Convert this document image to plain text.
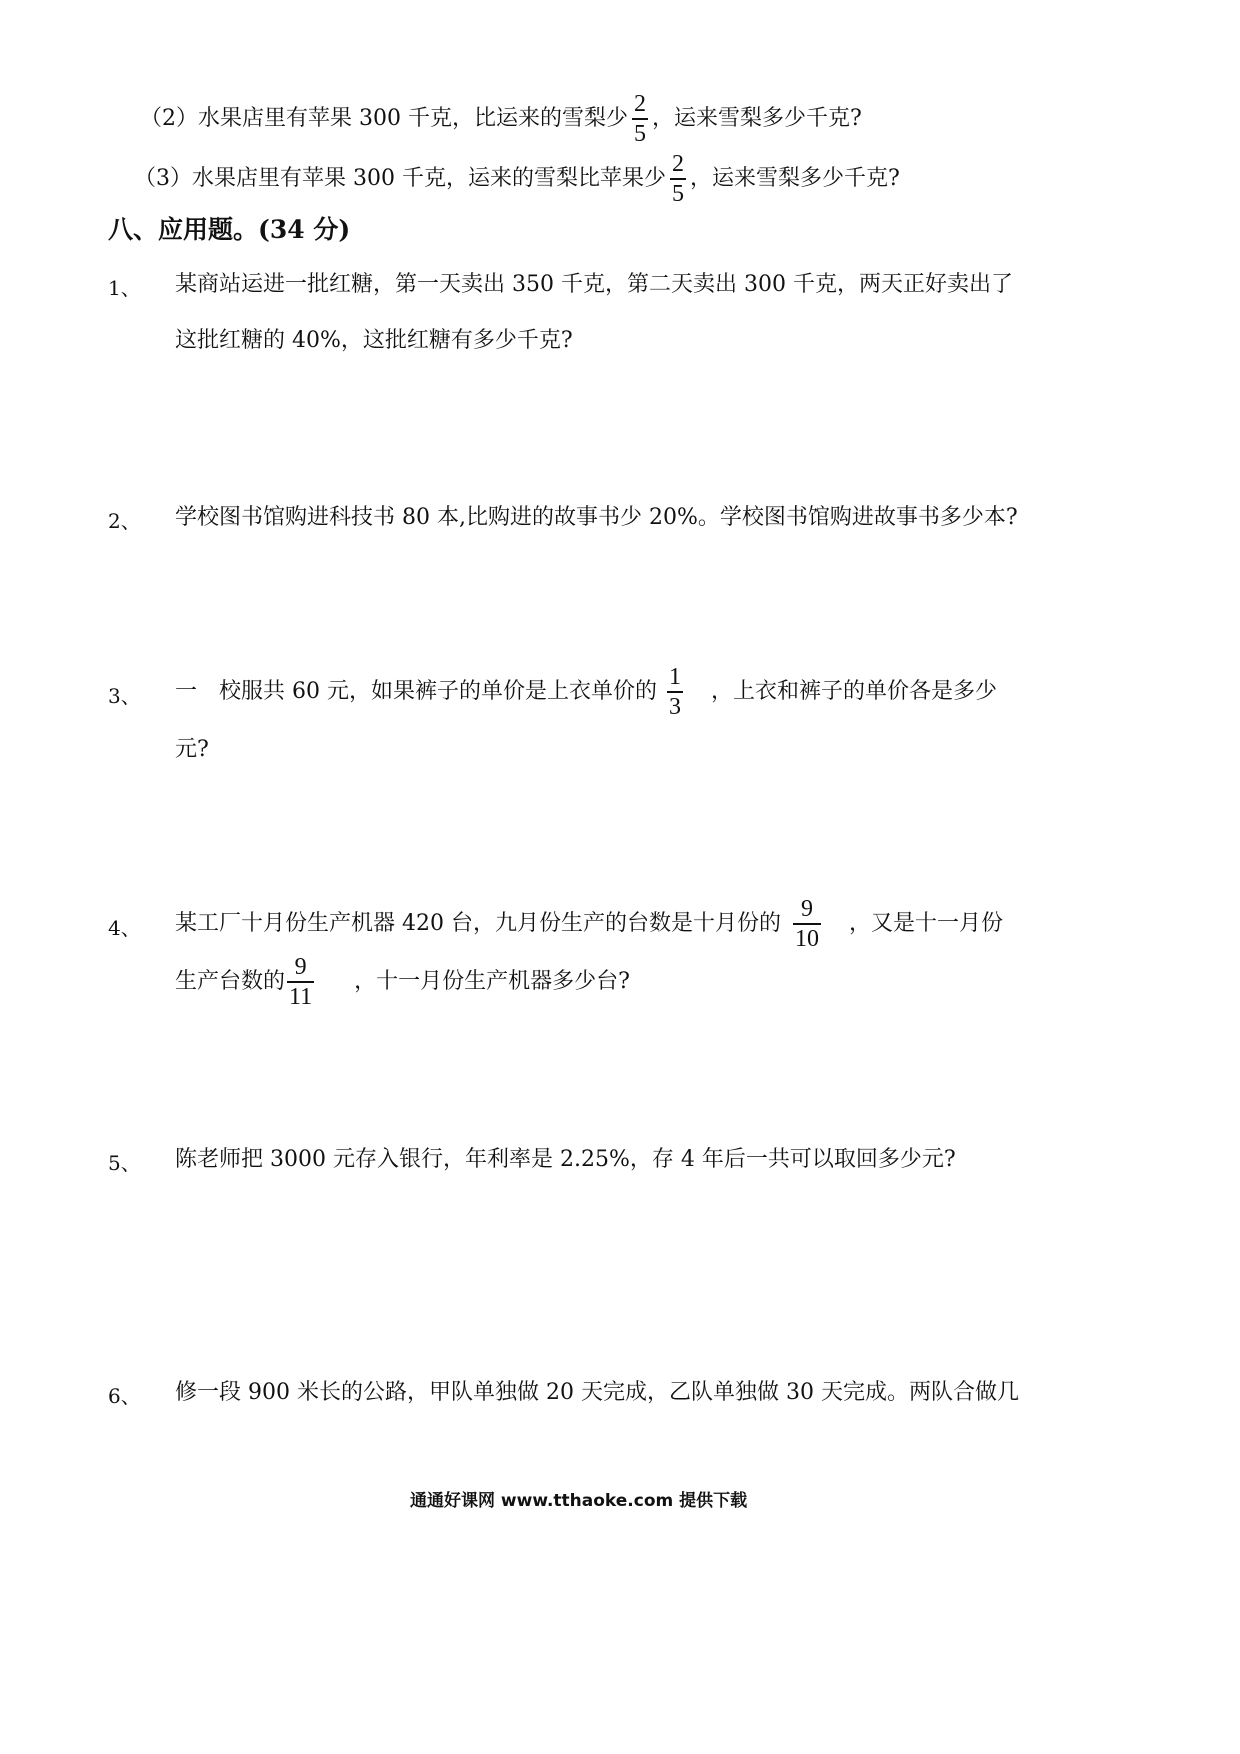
（2）水果店里有苹果 300 千克，比运来的雪梨少 $\frac{2}{5}$ ，运来雪梨多少千克?
（3）水果店里有苹果 300 千克，运来的雪梨比苹果少 $\frac{2}{5}$ ，运来雪梨多少千克?
八、应用题。(34 分)
1、 某商站运进一批红糖，第一天卖出 350 千克，第二天卖出 300 千克，两天正好卖出了
这批红糖的 40%，这批红糖有多少千克?
2、 学校图书馆购进科技书 80 本,比购进的故事书少 20%。学校图书馆购进故事书多少本?
3、 一　校服共 60 元，如果裤子的单价是上衣单价的 $\frac{1}{3}$ ，上衣和裤子的单价各是多少
元?
4、 某工厂十月份生产机器 420 台，九月份生产的台数是十月份的 $\frac{9}{10}$ ，又是十一月份
生产台数的 $\frac{9}{11}$ ，十一月份生产机器多少台?
5、 陈老师把 3000 元存入银行，年利率是 2.25%，存 4 年后一共可以取回多少元?
6、 修一段 900 米长的公路，甲队单独做 20 天完成，乙队单独做 30 天完成。两队合做几
通通好课网 www.tthaoke.com 提供下载
